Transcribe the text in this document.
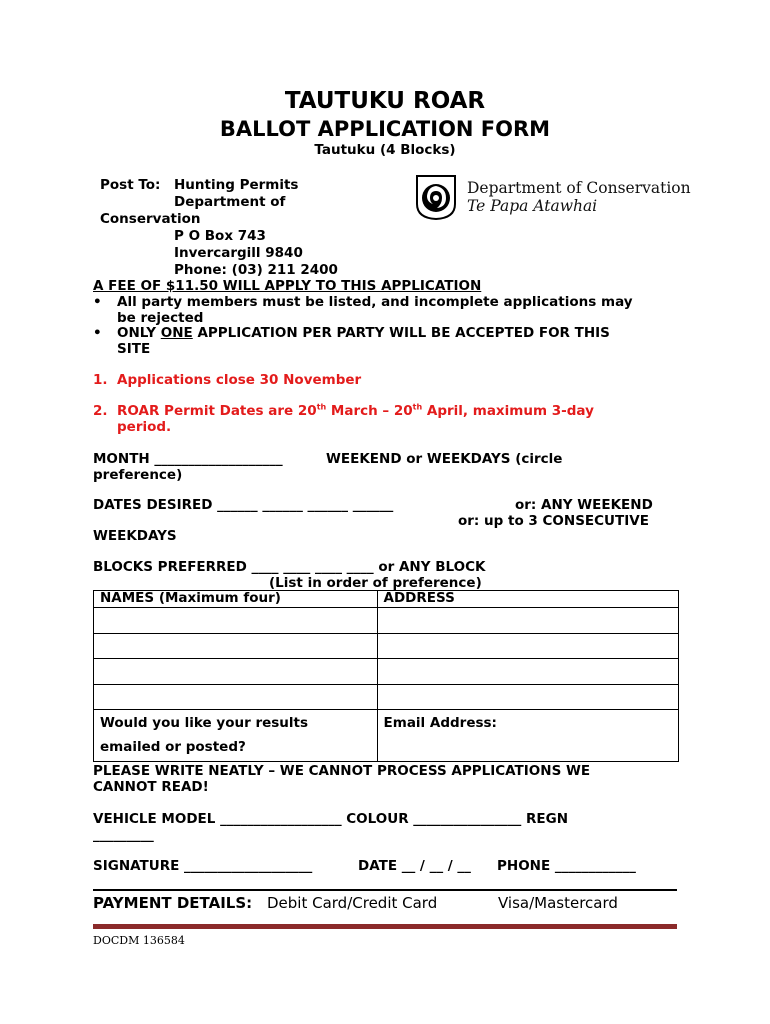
TAUTUKU ROAR
BALLOT APPLICATION FORM
Tautuku (4 Blocks)
Post To: Hunting Permits
Department of
Conservation
P O Box 743
Invercargill 9840
Phone: (03) 211 2400
Department of Conservation
Te Papa Atawhai
A FEE OF $11.50 WILL APPLY TO THIS APPLICATION
• All party members must be listed, and incomplete applications may
be rejected
• ONLY ONE APPLICATION PER PARTY WILL BE ACCEPTED FOR THIS
SITE
1. Applications close 30 November
2. ROAR Permit Dates are 20th March – 20th April, maximum 3-day
period.
MONTH ___________________	WEEKEND or WEEKDAYS (circle
preference)
DATES DESIRED ______ ______ ______ ______	or: ANY WEEKEND
or: up to 3 CONSECUTIVE
WEEKDAYS
BLOCKS PREFERRED ____ ____ ____ ____ or ANY BLOCK
(List in order of preference)
NAMES (Maximum four)	ADDRESS

Would you like your results
emailed or posted?	Email Address:
PLEASE WRITE NEATLY – WE CANNOT PROCESS APPLICATIONS WE
CANNOT READ!
VEHICLE MODEL __________________ COLOUR ________________ REGN
_________
SIGNATURE ___________________	DATE __ / __ / __ PHONE ____________
PAYMENT DETAILS: Debit Card/Credit Card	Visa/Mastercard
DOCDM 136584
